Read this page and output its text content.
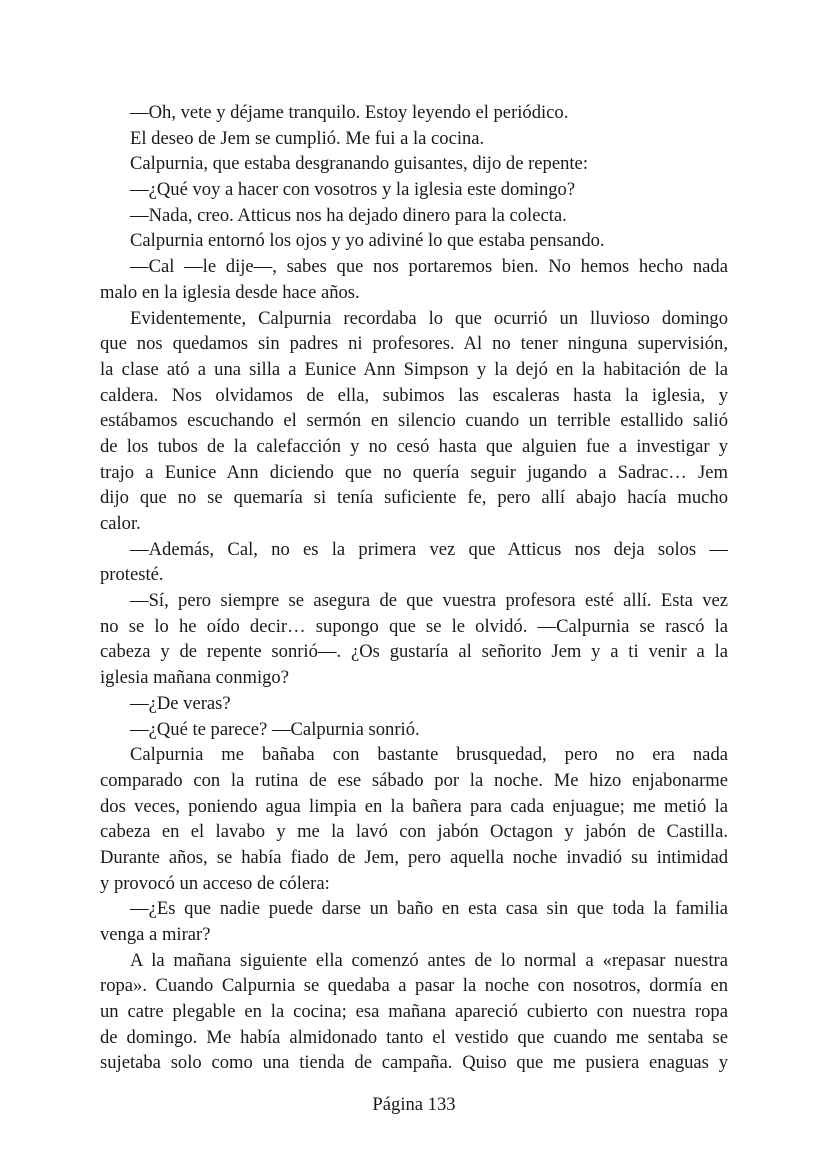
—Oh, vete y déjame tranquilo. Estoy leyendo el periódico.
El deseo de Jem se cumplió. Me fui a la cocina.
Calpurnia, que estaba desgranando guisantes, dijo de repente:
—¿Qué voy a hacer con vosotros y la iglesia este domingo?
—Nada, creo. Atticus nos ha dejado dinero para la colecta.
Calpurnia entornó los ojos y yo adiviné lo que estaba pensando.
—Cal —le dije—, sabes que nos portaremos bien. No hemos hecho nada
malo en la iglesia desde hace años.
Evidentemente, Calpurnia recordaba lo que ocurrió un lluvioso domingo
que nos quedamos sin padres ni profesores. Al no tener ninguna supervisión,
la clase ató a una silla a Eunice Ann Simpson y la dejó en la habitación de la
caldera. Nos olvidamos de ella, subimos las escaleras hasta la iglesia, y
estábamos escuchando el sermón en silencio cuando un terrible estallido salió
de los tubos de la calefacción y no cesó hasta que alguien fue a investigar y
trajo a Eunice Ann diciendo que no quería seguir jugando a Sadrac… Jem
dijo que no se quemaría si tenía suficiente fe, pero allí abajo hacía mucho
calor.
—Además, Cal, no es la primera vez que Atticus nos deja solos —
protesté.
—Sí, pero siempre se asegura de que vuestra profesora esté allí. Esta vez
no se lo he oído decir… supongo que se le olvidó. —Calpurnia se rascó la
cabeza y de repente sonrió—. ¿Os gustaría al señorito Jem y a ti venir a la
iglesia mañana conmigo?
—¿De veras?
—¿Qué te parece? —Calpurnia sonrió.
Calpurnia me bañaba con bastante brusquedad, pero no era nada
comparado con la rutina de ese sábado por la noche. Me hizo enjabonarme
dos veces, poniendo agua limpia en la bañera para cada enjuague; me metió la
cabeza en el lavabo y me la lavó con jabón Octagon y jabón de Castilla.
Durante años, se había fiado de Jem, pero aquella noche invadió su intimidad
y provocó un acceso de cólera:
—¿Es que nadie puede darse un baño en esta casa sin que toda la familia
venga a mirar?
A la mañana siguiente ella comenzó antes de lo normal a «repasar nuestra
ropa». Cuando Calpurnia se quedaba a pasar la noche con nosotros, dormía en
un catre plegable en la cocina; esa mañana apareció cubierto con nuestra ropa
de domingo. Me había almidonado tanto el vestido que cuando me sentaba se
sujetaba solo como una tienda de campaña. Quiso que me pusiera enaguas y
Página 133
